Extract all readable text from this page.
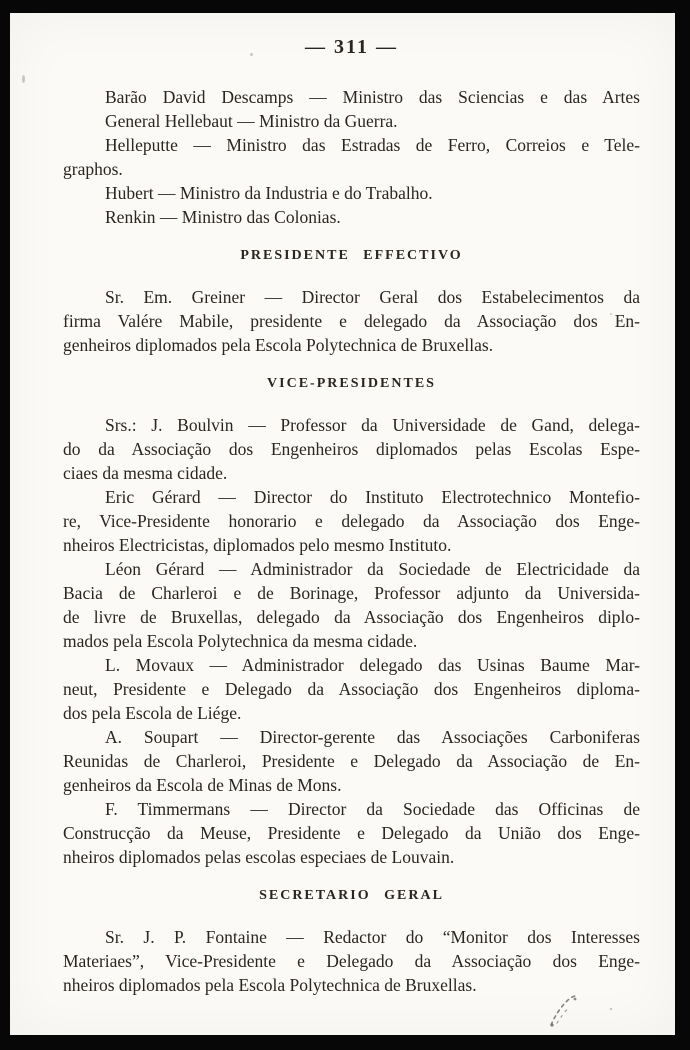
— 311 —
Barão David Descamps — Ministro das Sciencias e das Artes
General Hellebaut — Ministro da Guerra.
Helleputte — Ministro das Estradas de Ferro, Correios e Tele-
graphos.
Hubert — Ministro da Industria e do Trabalho.
Renkin — Ministro das Colonias.
PRESIDENTE EFFECTIVO
Sr. Em. Greiner — Director Geral dos Estabelecimentos da
firma Valére Mabile, presidente e delegado da Associação dos En-
genheiros diplomados pela Escola Polytechnica de Bruxellas.
VICE-PRESIDENTES
Srs.: J. Boulvin — Professor da Universidade de Gand, delega-
do da Associação dos Engenheiros diplomados pelas Escolas Espe-
ciaes da mesma cidade.
Eric Gérard — Director do Instituto Electrotechnico Montefio-
re, Vice-Presidente honorario e delegado da Associação dos Enge-
nheiros Electricistas, diplomados pelo mesmo Instituto.
Léon Gérard — Administrador da Sociedade de Electricidade da
Bacia de Charleroi e de Borinage, Professor adjunto da Universida-
de livre de Bruxellas, delegado da Associação dos Engenheiros diplo-
mados pela Escola Polytechnica da mesma cidade.
L. Movaux — Administrador delegado das Usinas Baume Mar-
neut, Presidente e Delegado da Associação dos Engenheiros diploma-
dos pela Escola de Liége.
A. Soupart — Director-gerente das Associações Carboniferas
Reunidas de Charleroi, Presidente e Delegado da Associação de En-
genheiros da Escola de Minas de Mons.
F. Timmermans — Director da Sociedade das Officinas de
Construcção da Meuse, Presidente e Delegado da União dos Enge-
nheiros diplomados pelas escolas especiaes de Louvain.
SECRETARIO GERAL
Sr. J. P. Fontaine — Redactor do “Monitor dos Interesses
Materiaes”, Vice-Presidente e Delegado da Associação dos Enge-
nheiros diplomados pela Escola Polytechnica de Bruxellas.
